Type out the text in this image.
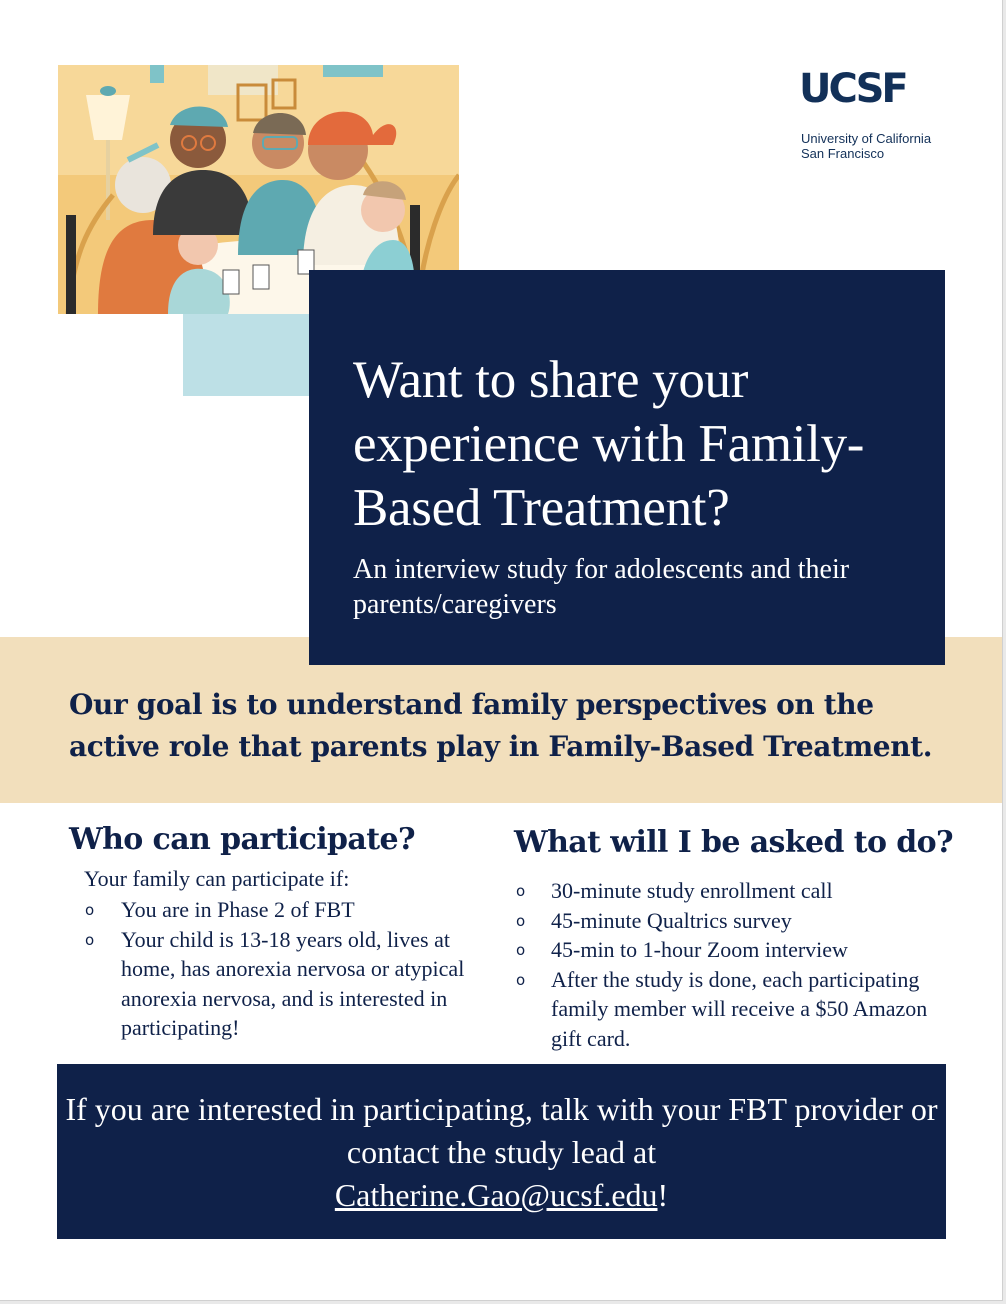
UCSF
University of California
San Francisco
Want to share your experience with Family-Based Treatment?

An interview study for adolescents and their parents/caregivers

Our goal is to understand family perspectives on the active role that parents play in Family-Based Treatment.

Who can participate?
Your family can participate if:
o You are in Phase 2 of FBT
o Your child is 13-18 years old, lives at home, has anorexia nervosa or atypical anorexia nervosa, and is interested in participating!
What will I be asked to do?
o 30-minute study enrollment call
o 45-minute Qualtrics survey
o 45-min to 1-hour Zoom interview
o After the study is done, each participating family member will receive a $50 Amazon gift card.

If you are interested in participating, talk with your FBT provider or contact the study lead at
Catherine.Gao@ucsf.edu!
